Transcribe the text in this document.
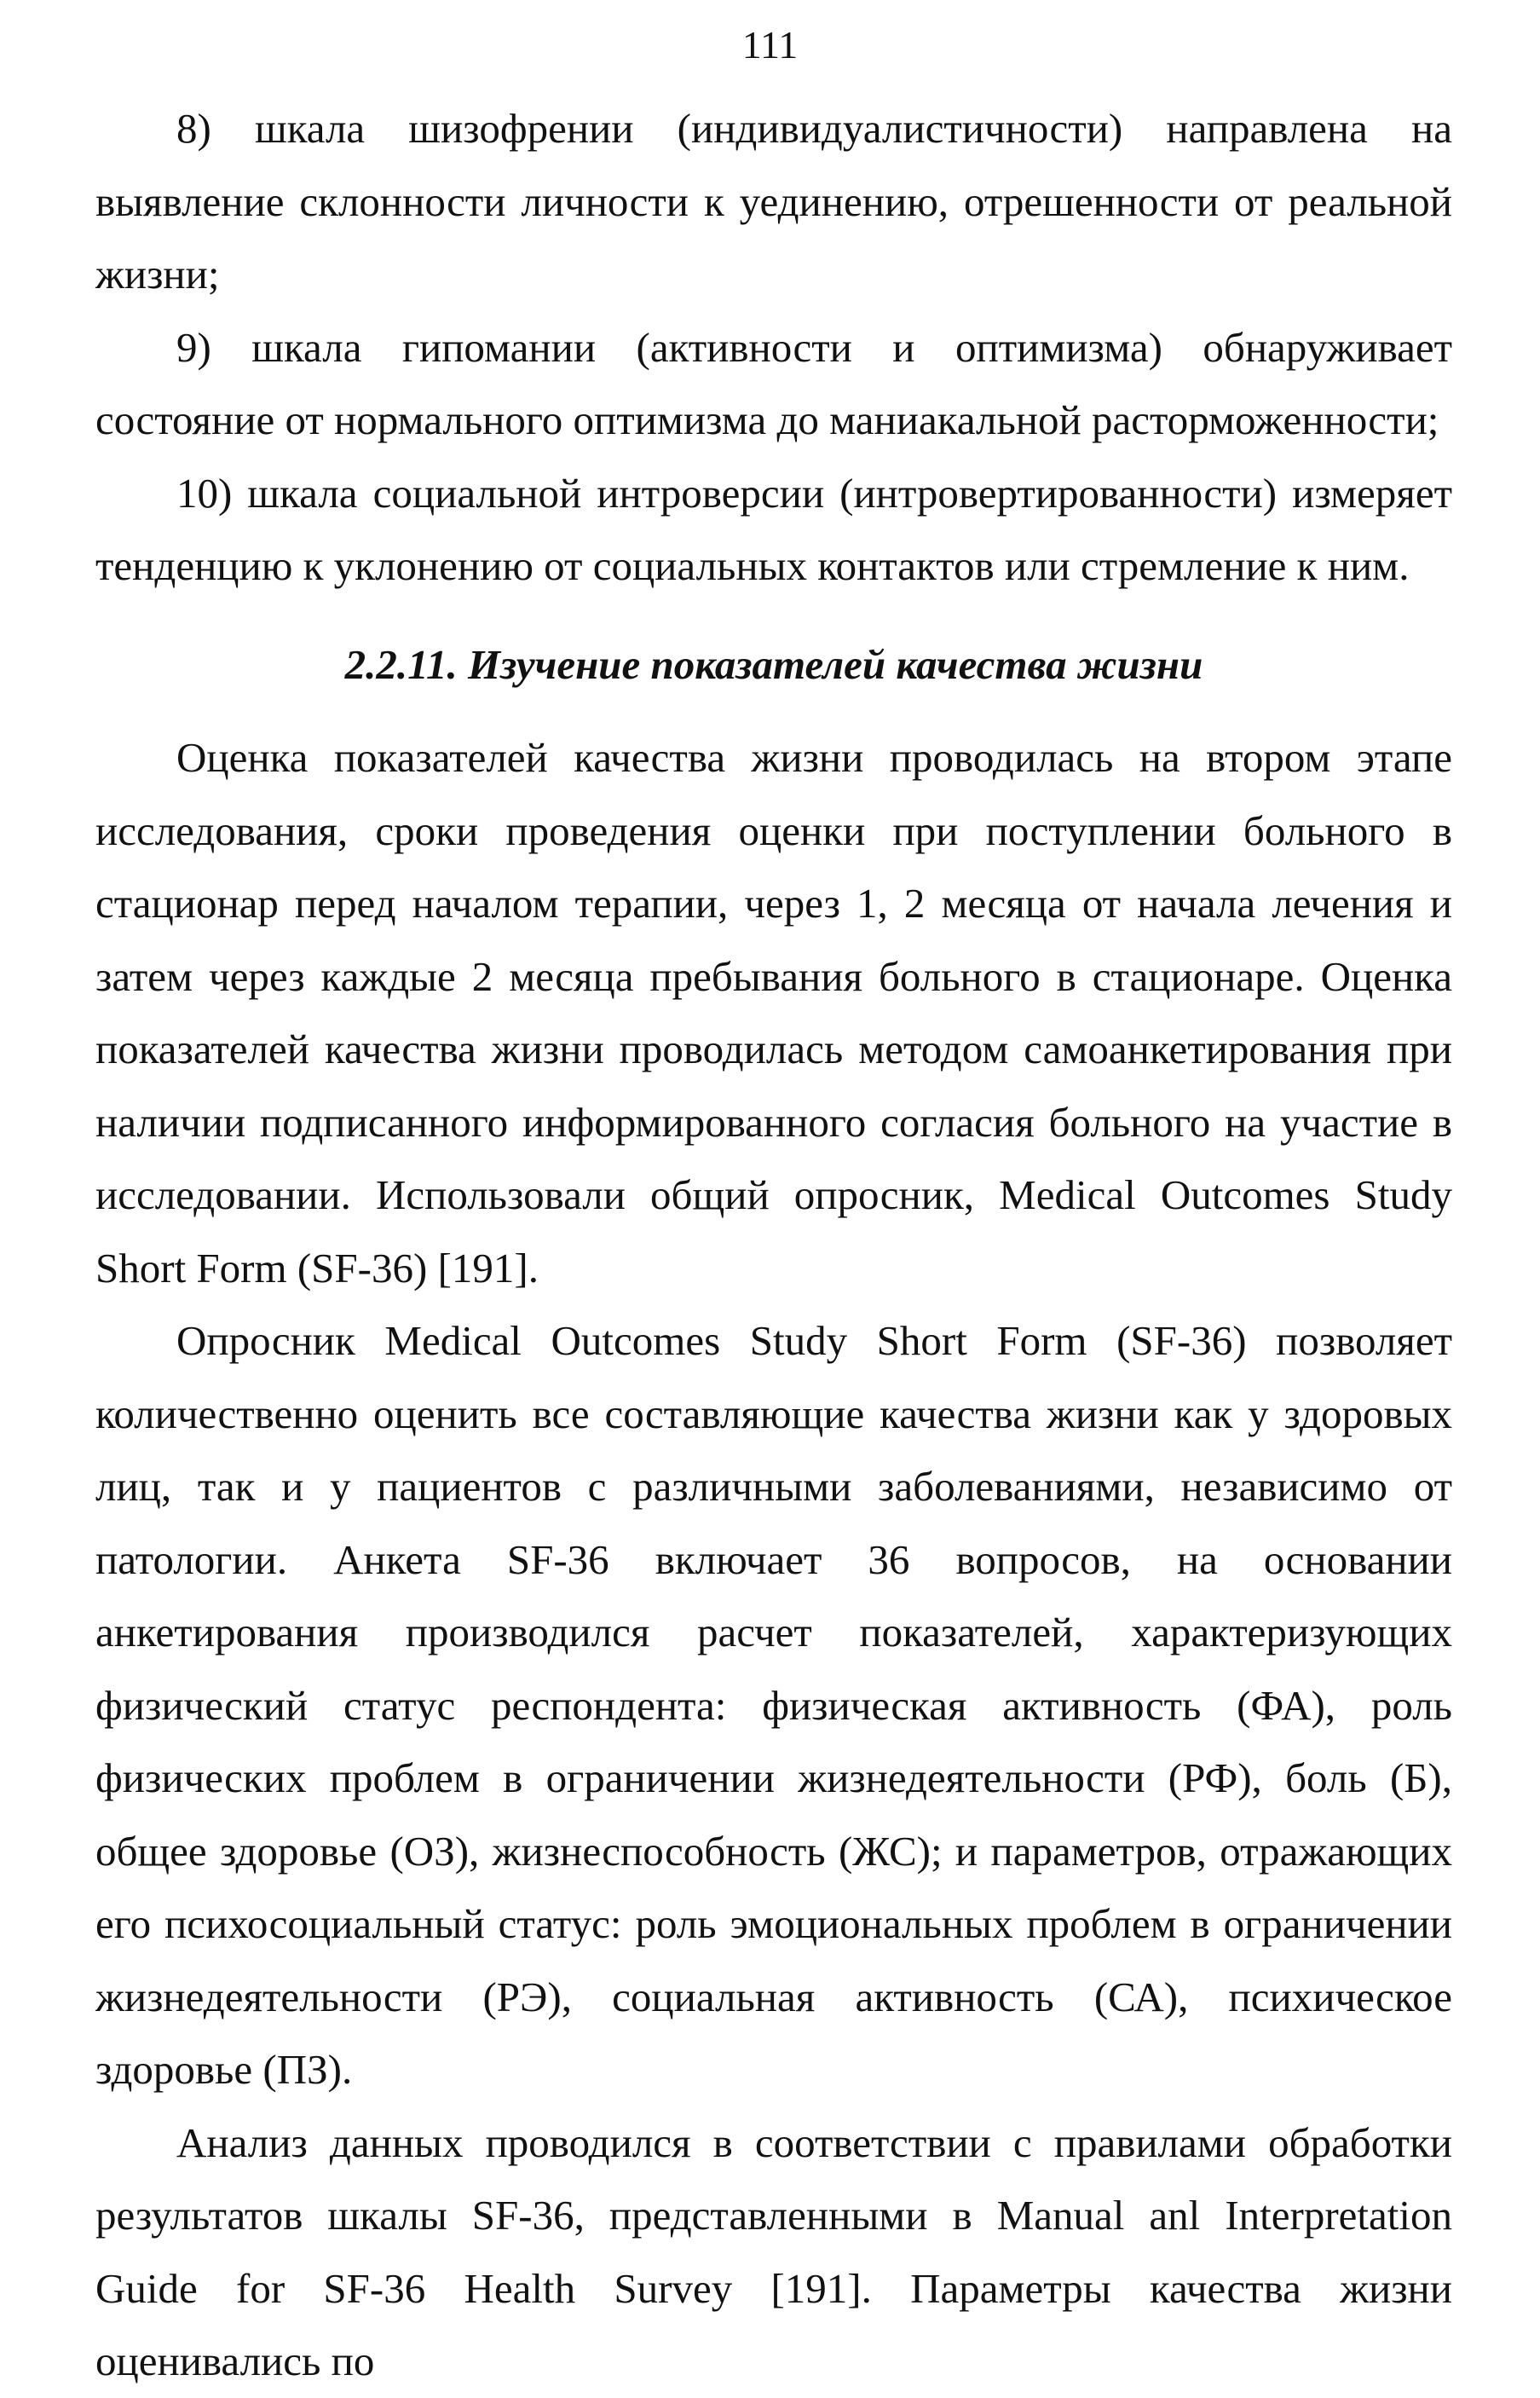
111

8) шкала шизофрении (индивидуалистичности) направлена на выявление склонности личности к уединению, отрешенности от реальной жизни;

9) шкала гипомании (активности и оптимизма) обнаруживает состояние от нормального оптимизма до маниакальной расторможенности;

10) шкала социальной интроверсии (интровертированности) измеряет тенденцию к уклонению от социальных контактов или стремление к ним.

2.2.11. Изучение показателей качества жизни

Оценка показателей качества жизни проводилась на втором этапе исследования, сроки проведения оценки при поступлении больного в стационар перед началом терапии, через 1, 2 месяца от начала лечения и затем через каждые 2 месяца пребывания больного в стационаре. Оценка показателей качества жизни проводилась методом самоанкетирования при наличии подписанного информированного согласия больного на участие в исследовании. Использовали общий опросник, Medical Outcomes Study Short Form (SF-36) [191].

Опросник Medical Outcomes Study Short Form (SF-36) позволяет количественно оценить все составляющие качества жизни как у здоровых лиц, так и у пациентов с различными заболеваниями, независимо от патологии. Анкета SF-36 включает 36 вопросов, на основании анкетирования производился расчет показателей, характеризующих физический статус респондента: физическая активность (ФА), роль физических проблем в ограничении жизнедеятельности (РФ), боль (Б), общее здоровье (ОЗ), жизнеспособность (ЖС); и параметров, отражающих его психосоциальный статус: роль эмоциональных проблем в ограничении жизнедеятельности (РЭ), социальная активность (СА), психическое здоровье (ПЗ).

Анализ данных проводился в соответствии с правилами обработки результатов шкалы SF-36, представленными в Manual anl Interpretation Guide for SF-36 Health Survey [191]. Параметры качества жизни оценивались по
